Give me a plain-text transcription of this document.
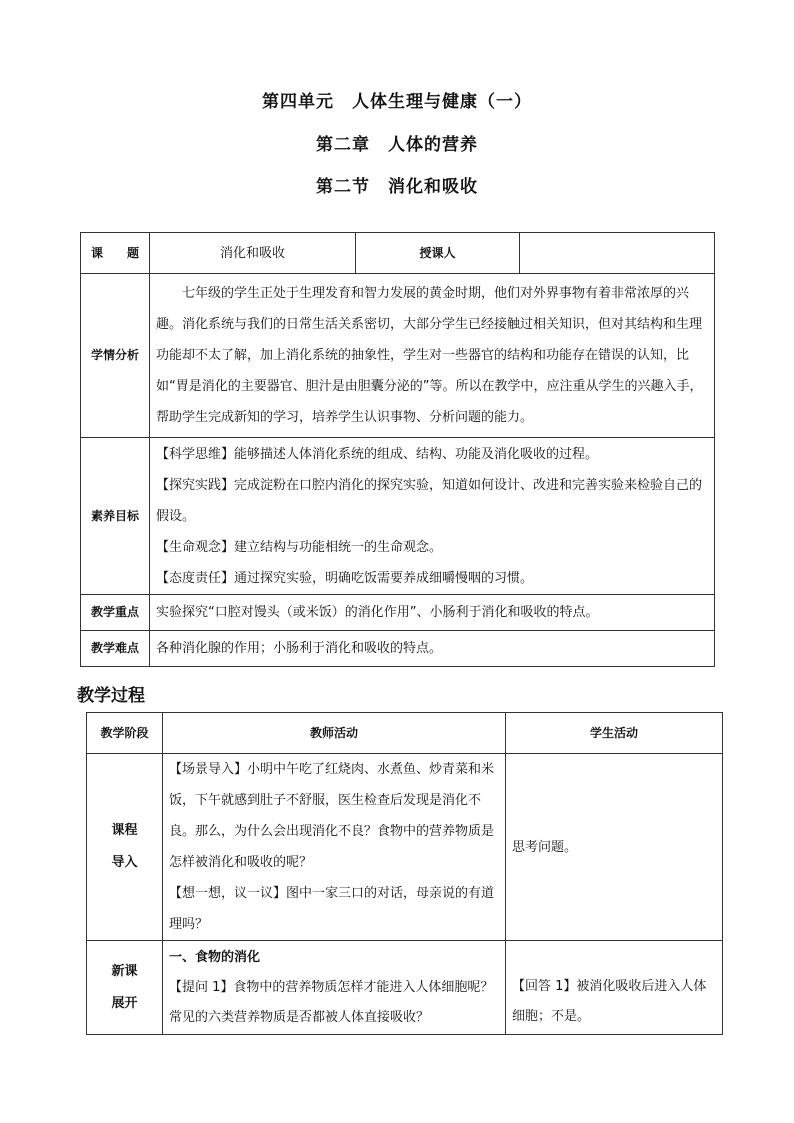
第四单元　人体生理与健康（一）
第二章　人体的营养
第二节　消化和吸收
课　　题	消化和吸收	授课人	
学情分析	七年级的学生正处于生理发育和智力发展的黄金时期，他们对外界事物有着非常浓厚的兴趣。消化系统与我们的日常生活关系密切，大部分学生已经接触过相关知识，但对其结构和生理功能却不太了解，加上消化系统的抽象性，学生对一些器官的结构和功能存在错误的认知，比如“胃是消化的主要器官、胆汁是由胆囊分泌的”等。所以在教学中，应注重从学生的兴趣入手，帮助学生完成新知的学习，培养学生认识事物、分析问题的能力。		
素养目标	【科学思维】能够描述人体消化系统的组成、结构、功能及消化吸收的过程。
【探究实践】完成淀粉在口腔内消化的探究实验，知道如何设计、改进和完善实验来检验自己的假设。
【生命观念】建立结构与功能相统一的生命观念。
【态度责任】通过探究实验，明确吃饭需要养成细嚼慢咽的习惯。		

教学重点	实验探究“口腔对馒头（或米饭）的消化作用”、小肠利于消化和吸收的特点。		
教学难点	各种消化腺的作用；小肠利于消化和吸收的特点。		
教学过程
教学阶段	教师活动	学生活动

课程
导入	【场景导入】小明中午吃了红烧肉、水煮鱼、炒青菜和米饭，下午就感到肚子不舒服，医生检查后发现是消化不良。那么，为什么会出现消化不良？食物中的营养物质是怎样被消化和吸收的呢？
【想一想，议一议】图中一家三口的对话，母亲说的有道理吗？	思考问题。

新课
展开	一、食物的消化
【提问 1】食物中的营养物质怎样才能进入人体细胞呢？常见的六类营养物质是否都被人体直接吸收？	【回答 1】被消化吸收后进入人体细胞；不是。
